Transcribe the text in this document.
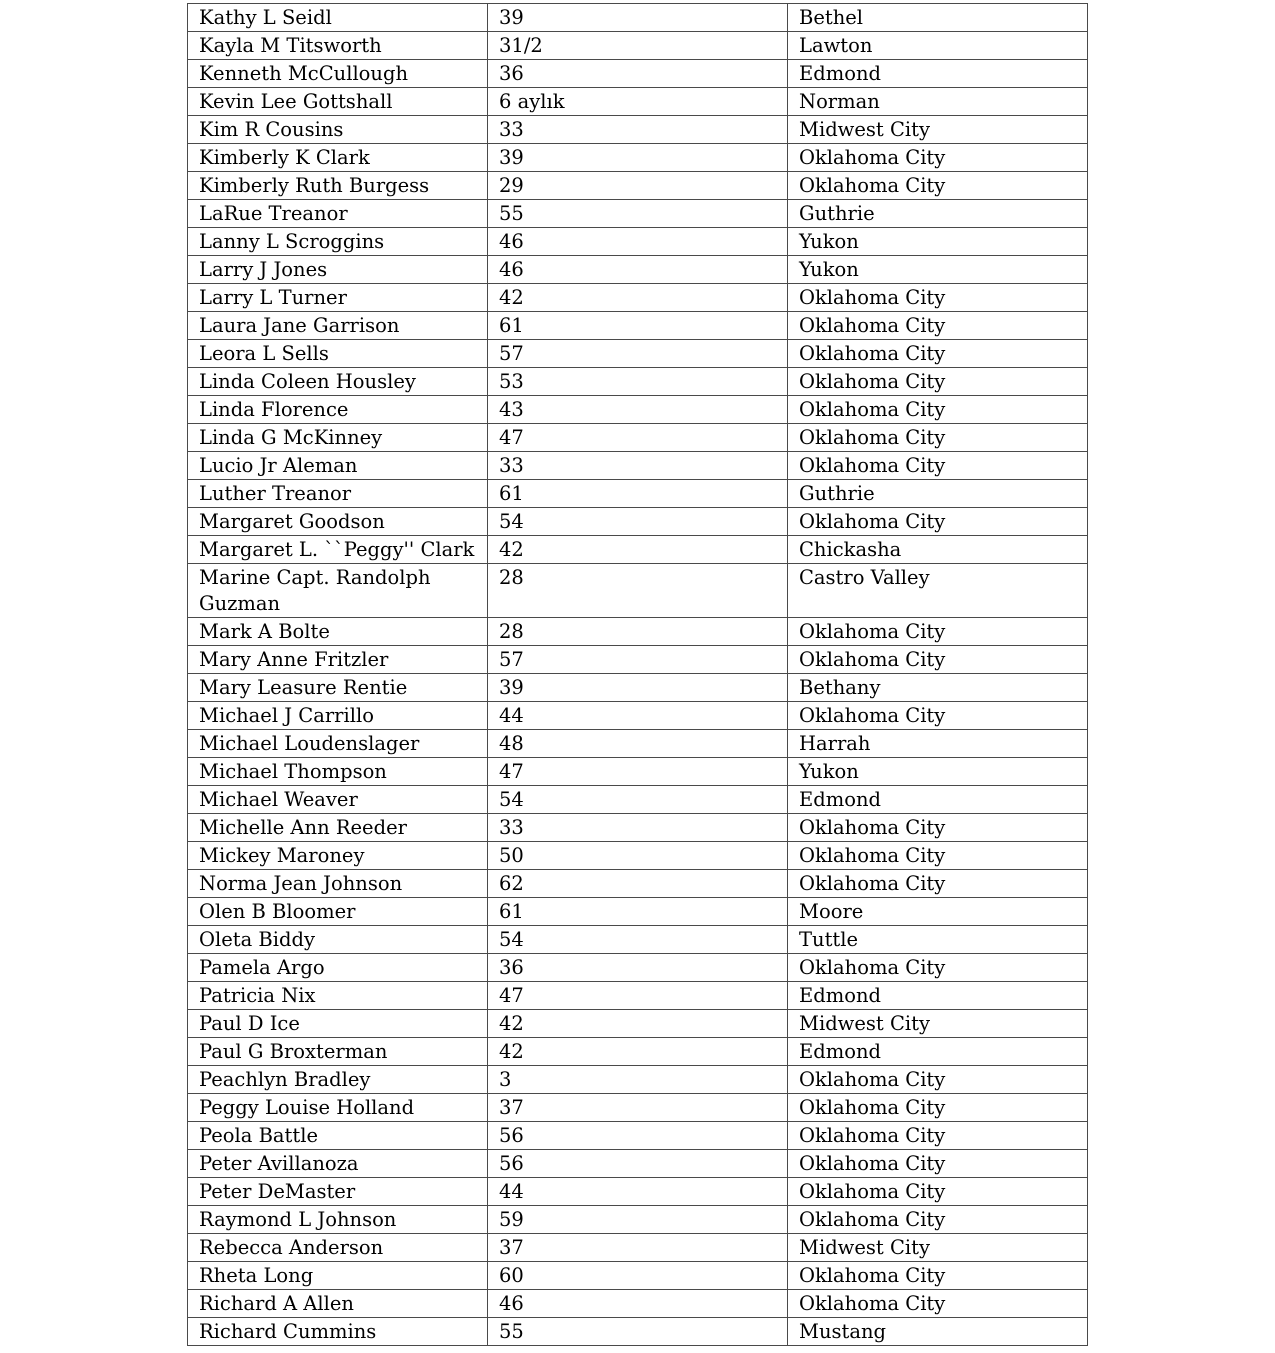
Kathy L Seidl	39	Bethel
Kayla M Titsworth	31/2	Lawton
Kenneth McCullough	36	Edmond
Kevin Lee Gottshall	6 aylık	Norman
Kim R Cousins	33	Midwest City
Kimberly K Clark	39	Oklahoma City
Kimberly Ruth Burgess	29	Oklahoma City
LaRue Treanor	55	Guthrie
Lanny L Scroggins	46	Yukon
Larry J Jones	46	Yukon
Larry L Turner	42	Oklahoma City
Laura Jane Garrison	61	Oklahoma City
Leora L Sells	57	Oklahoma City
Linda Coleen Housley	53	Oklahoma City
Linda Florence	43	Oklahoma City
Linda G McKinney	47	Oklahoma City
Lucio Jr Aleman	33	Oklahoma City
Luther Treanor	61	Guthrie
Margaret Goodson	54	Oklahoma City
Margaret L. ``Peggy'' Clark	42	Chickasha
Marine Capt. Randolph Guzman	28	Castro Valley
Mark A Bolte	28	Oklahoma City
Mary Anne Fritzler	57	Oklahoma City
Mary Leasure Rentie	39	Bethany
Michael J Carrillo	44	Oklahoma City
Michael Loudenslager	48	Harrah
Michael Thompson	47	Yukon
Michael Weaver	54	Edmond
Michelle Ann Reeder	33	Oklahoma City
Mickey Maroney	50	Oklahoma City
Norma Jean Johnson	62	Oklahoma City
Olen B Bloomer	61	Moore
Oleta Biddy	54	Tuttle
Pamela Argo	36	Oklahoma City
Patricia Nix	47	Edmond
Paul D Ice	42	Midwest City
Paul G Broxterman	42	Edmond
Peachlyn Bradley	3	Oklahoma City
Peggy Louise Holland	37	Oklahoma City
Peola Battle	56	Oklahoma City
Peter Avillanoza	56	Oklahoma City
Peter DeMaster	44	Oklahoma City
Raymond L Johnson	59	Oklahoma City
Rebecca Anderson	37	Midwest City
Rheta Long	60	Oklahoma City
Richard A Allen	46	Oklahoma City
Richard Cummins	55	Mustang
